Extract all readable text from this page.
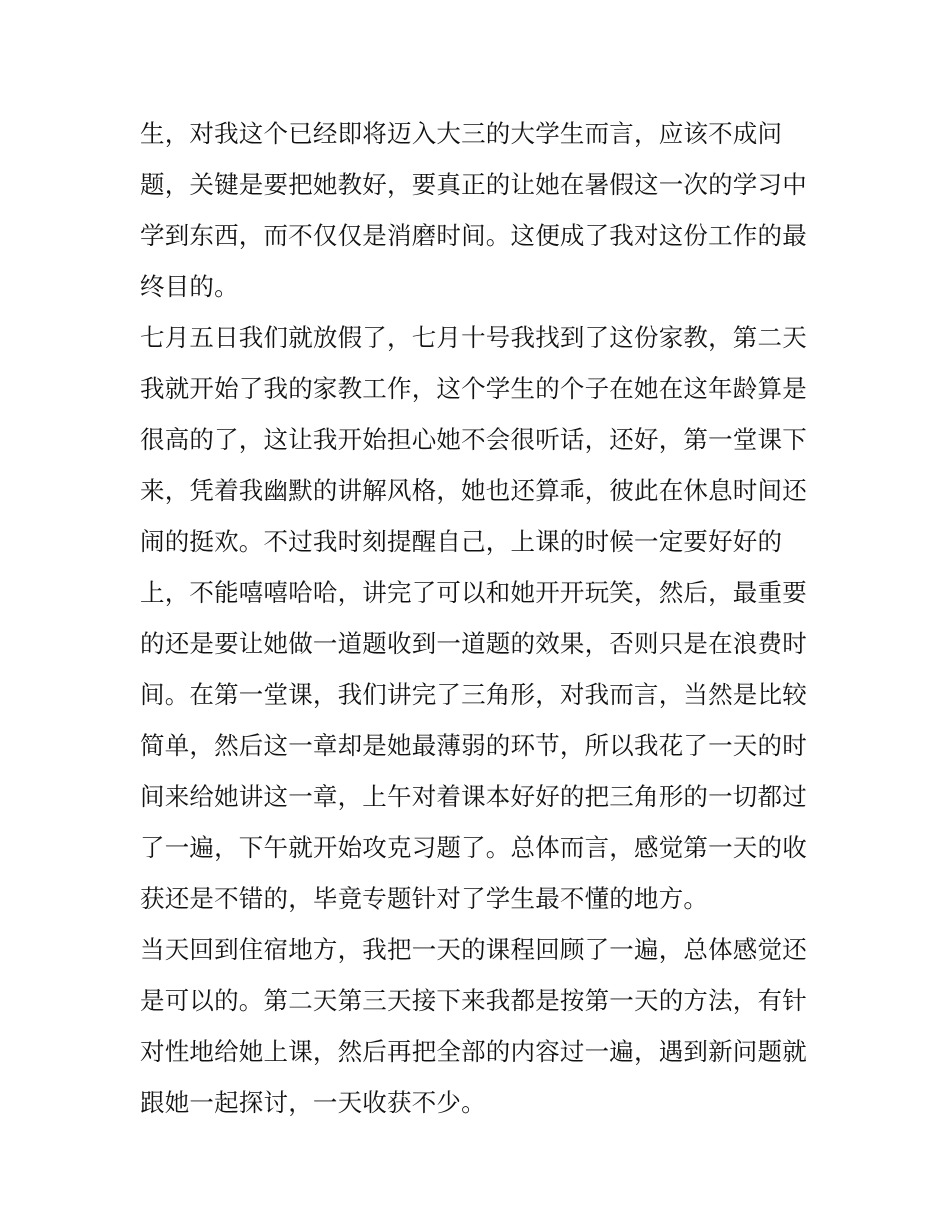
生，对我这个已经即将迈入大三的大学生而言，应该不成问
题，关键是要把她教好，要真正的让她在暑假这一次的学习中
学到东西，而不仅仅是消磨时间。这便成了我对这份工作的最
终目的。
七月五日我们就放假了，七月十号我找到了这份家教，第二天
我就开始了我的家教工作，这个学生的个子在她在这年龄算是
很高的了，这让我开始担心她不会很听话，还好，第一堂课下
来，凭着我幽默的讲解风格，她也还算乖，彼此在休息时间还
闹的挺欢。不过我时刻提醒自己，上课的时候一定要好好的
上，不能嘻嘻哈哈，讲完了可以和她开开玩笑，然后，最重要
的还是要让她做一道题收到一道题的效果，否则只是在浪费时
间。在第一堂课，我们讲完了三角形，对我而言，当然是比较
简单，然后这一章却是她最薄弱的环节，所以我花了一天的时
间来给她讲这一章，上午对着课本好好的把三角形的一切都过
了一遍，下午就开始攻克习题了。总体而言，感觉第一天的收
获还是不错的，毕竟专题针对了学生最不懂的地方。
当天回到住宿地方，我把一天的课程回顾了一遍，总体感觉还
是可以的。第二天第三天接下来我都是按第一天的方法，有针
对性地给她上课，然后再把全部的内容过一遍，遇到新问题就
跟她一起探讨，一天收获不少。
